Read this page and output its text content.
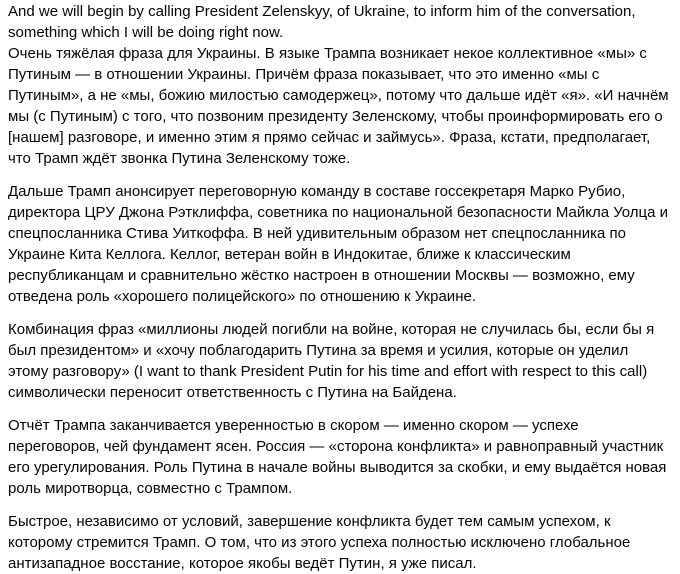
And we will begin by calling President Zelenskyy, of Ukraine, to inform him of the conversation, something which I will be doing right now.
Очень тяжёлая фраза для Украины. В языке Трампа возникает некое коллективное «мы» с Путиным — в отношении Украины. Причём фраза показывает, что это именно «мы с Путиным», а не «мы, божию милостью самодержец», потому что дальше идёт «я». «И начнём мы (с Путиным) с того, что позвоним президенту Зеленскому, чтобы проинформировать его о [нашем] разговоре, и именно этим я прямо сейчас и займусь». Фраза, кстати, предполагает, что Трамп ждёт звонка Путина Зеленскому тоже.

Дальше Трамп анонсирует переговорную команду в составе госсекретаря Марко Рубио, директора ЦРУ Джона Рэтклиффа, советника по национальной безопасности Майкла Уолца и спецпосланника Стива Уиткоффа. В ней удивительным образом нет спецпосланника по Украине Кита Келлога. Келлог, ветеран войн в Индокитае, ближе к классическим республиканцам и сравнительно жёстко настроен в отношении Москвы — возможно, ему отведена роль «хорошего полицейского» по отношению к Украине.

Комбинация фраз «миллионы людей погибли на войне, которая не случилась бы, если бы я был президентом» и «хочу поблагодарить Путина за время и усилия, которые он уделил этому разговору» (I want to thank President Putin for his time and effort with respect to this call) символически переносит ответственность с Путина на Байдена.

Отчёт Трампа заканчивается уверенностью в скором — именно скором — успехе переговоров, чей фундамент ясен. Россия — «сторона конфликта» и равноправный участник его урегулирования. Роль Путина в начале войны выводится за скобки, и ему выдаётся новая роль миротворца, совместно с Трампом.

Быстрое, независимо от условий, завершение конфликта будет тем самым успехом, к которому стремится Трамп. О том, что из этого успеха полностью исключено глобальное антизападное восстание, которое якобы ведёт Путин, я уже писал.
